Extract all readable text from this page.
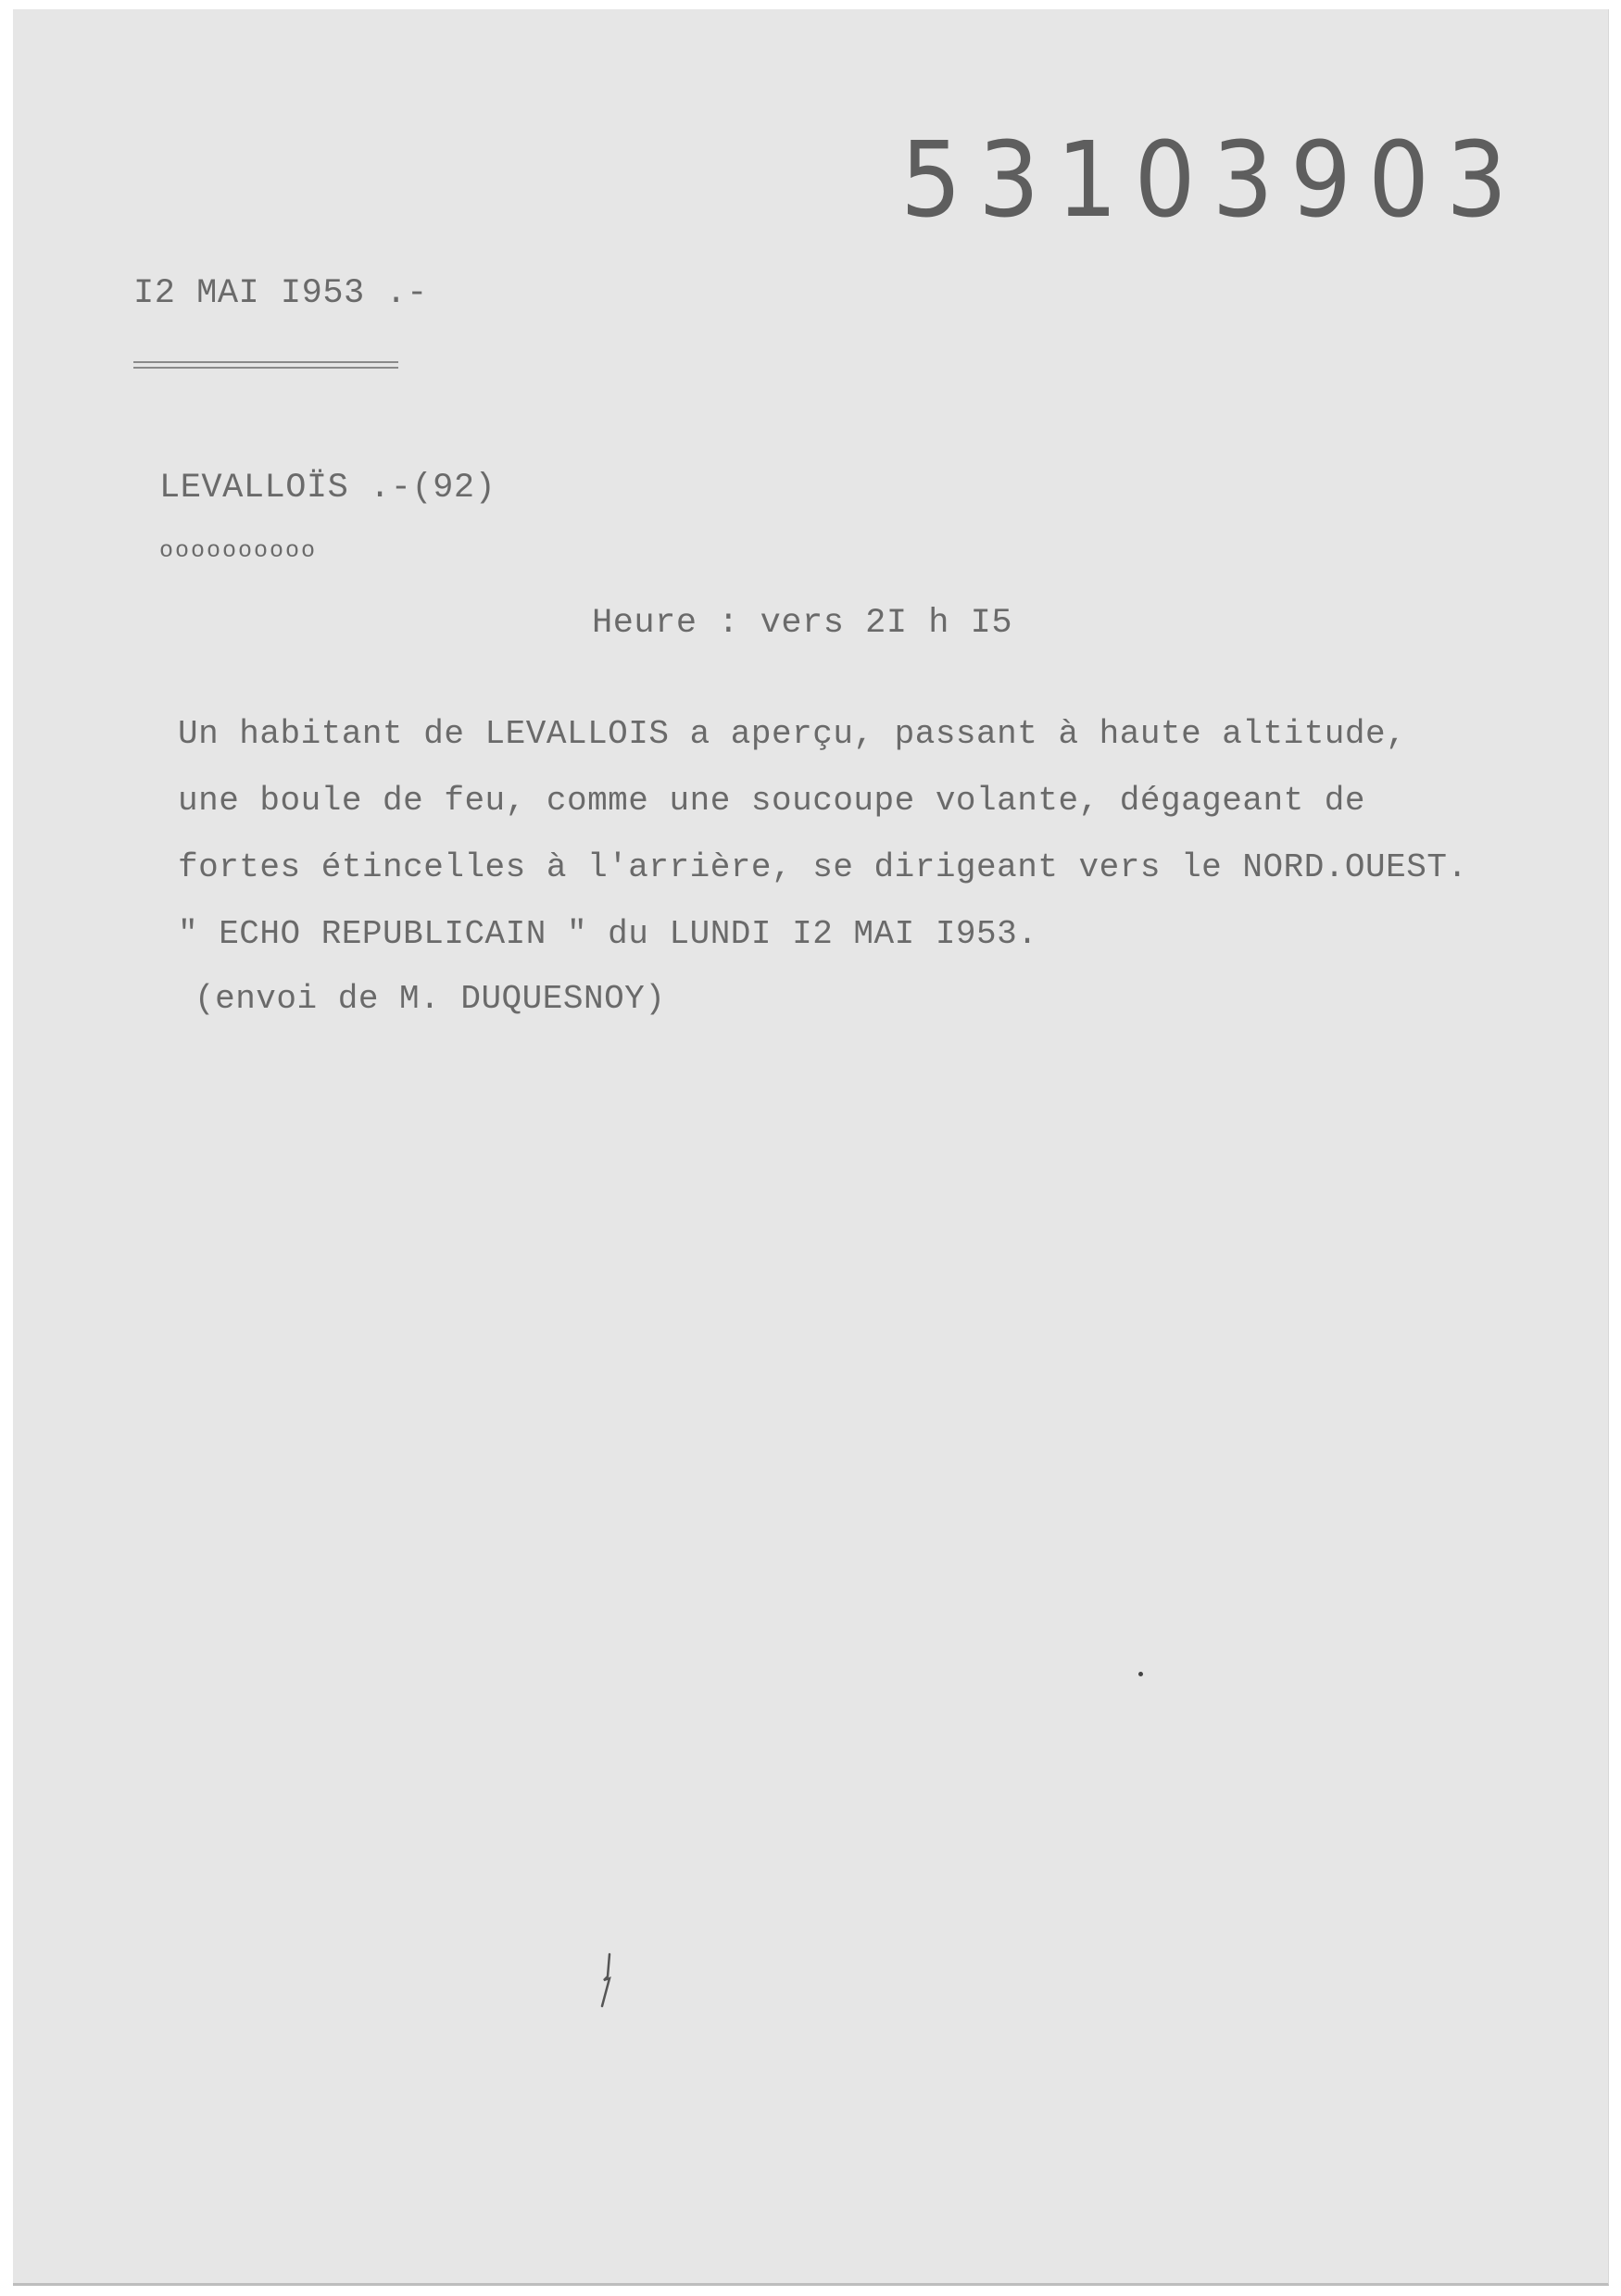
53103903
I2 MAI I953 .-
LEVALLOÏS .-(92)
oooooooooo
Heure : vers 2I h I5
Un habitant de LEVALLOIS a aperçu, passant à haute altitude,
une boule de feu, comme une soucoupe volante, dégageant de
fortes étincelles à l'arrière, se dirigeant vers le NORD.OUEST.
" ECHO REPUBLICAIN " du LUNDI I2 MAI I953.
(envoi de M. DUQUESNOY)
